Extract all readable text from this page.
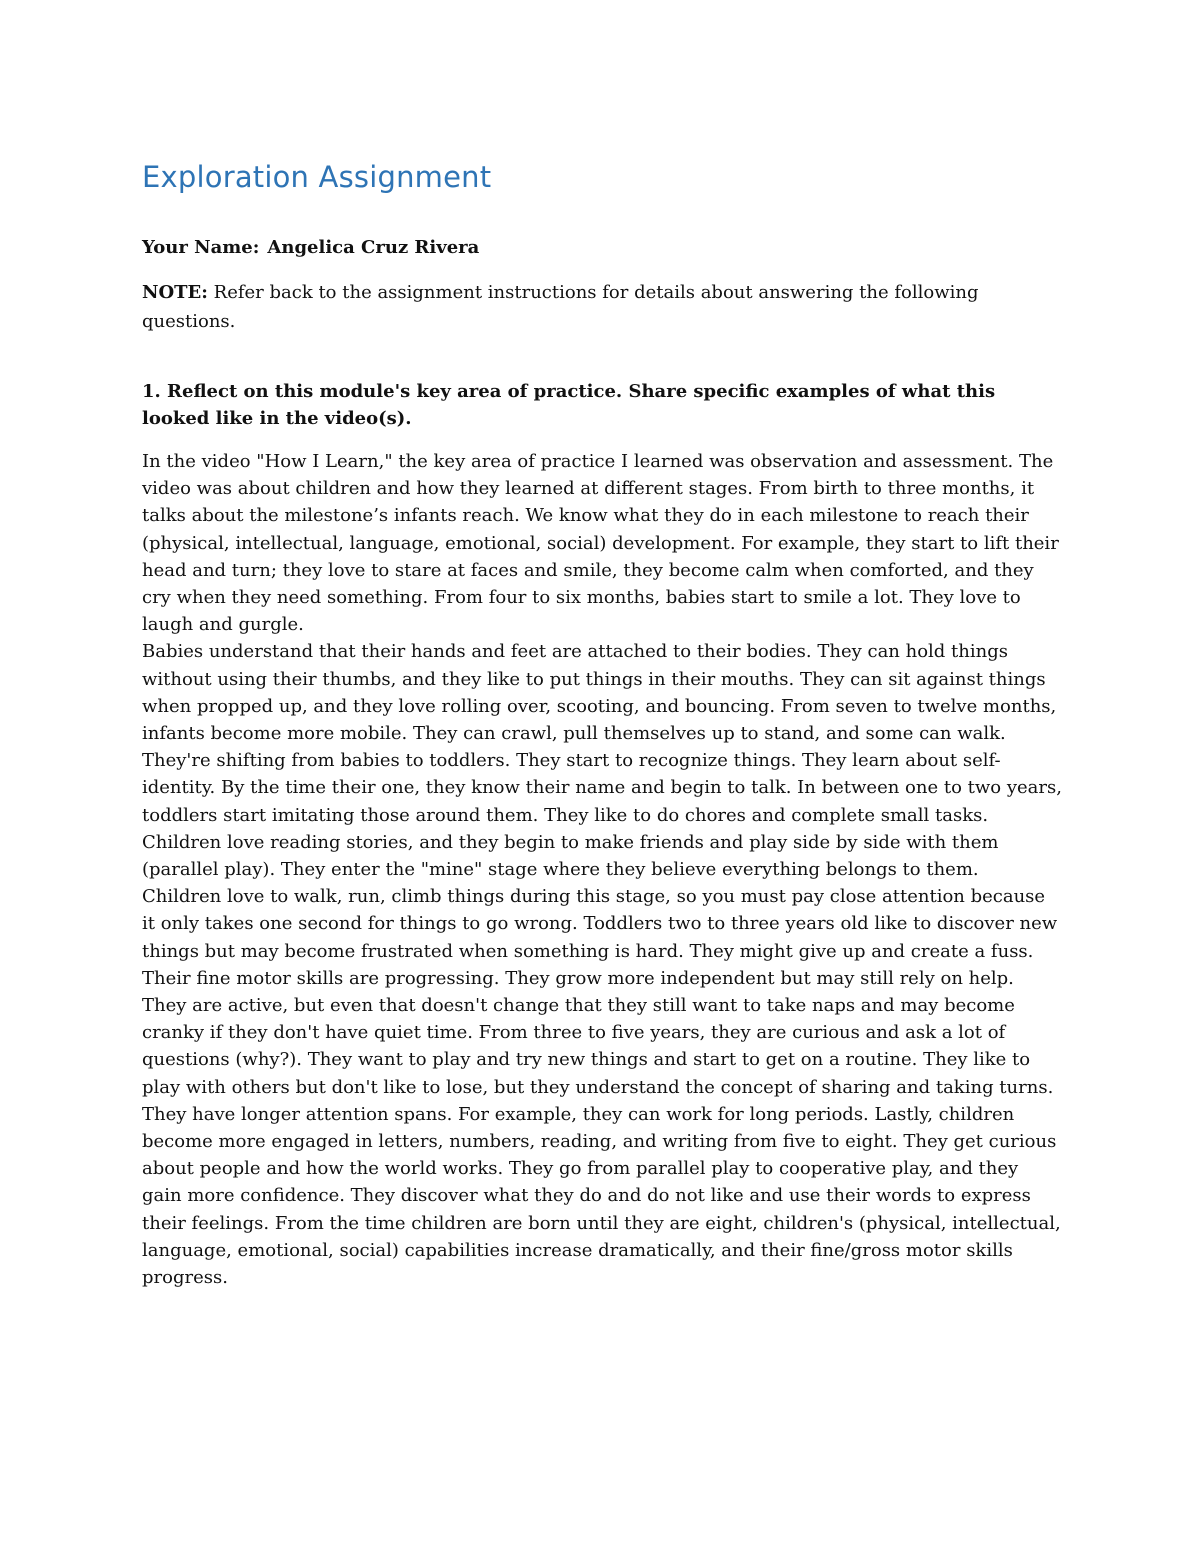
Exploration Assignment
Your Name: Angelica Cruz Rivera
NOTE: Refer back to the assignment instructions for details about answering the following questions.
1. Reflect on this module's key area of practice. Share specific examples of what this looked like in the video(s).

In the video "How I Learn," the key area of practice I learned was observation and assessment. The video was about children and how they learned at different stages. From birth to three months, it talks about the milestone’s infants reach. We know what they do in each milestone to reach their (physical, intellectual, language, emotional, social) development. For example, they start to lift their head and turn; they love to stare at faces and smile, they become calm when comforted, and they cry when they need something. From four to six months, babies start to smile a lot. They love to laugh and gurgle.

Babies understand that their hands and feet are attached to their bodies. They can hold things without using their thumbs, and they like to put things in their mouths. They can sit against things when propped up, and they love rolling over, scooting, and bouncing. From seven to twelve months, infants become more mobile. They can crawl, pull themselves up to stand, and some can walk. They're shifting from babies to toddlers. They start to recognize things. They learn about self-identity. By the time their one, they know their name and begin to talk. In between one to two years, toddlers start imitating those around them. They like to do chores and complete small tasks. Children love reading stories, and they begin to make friends and play side by side with them (parallel play). They enter the "mine" stage where they believe everything belongs to them. Children love to walk, run, climb things during this stage, so you must pay close attention because it only takes one second for things to go wrong. Toddlers two to three years old like to discover new things but may become frustrated when something is hard. They might give up and create a fuss. Their fine motor skills are progressing. They grow more independent but may still rely on help. They are active, but even that doesn't change that they still want to take naps and may become cranky if they don't have quiet time. From three to five years, they are curious and ask a lot of questions (why?). They want to play and try new things and start to get on a routine. They like to play with others but don't like to lose, but they understand the concept of sharing and taking turns. They have longer attention spans. For example, they can work for long periods. Lastly, children become more engaged in letters, numbers, reading, and writing from five to eight. They get curious about people and how the world works. They go from parallel play to cooperative play, and they gain more confidence. They discover what they do and do not like and use their words to express their feelings. From the time children are born until they are eight, children's (physical, intellectual, language, emotional, social) capabilities increase dramatically, and their fine/gross motor skills progress.
